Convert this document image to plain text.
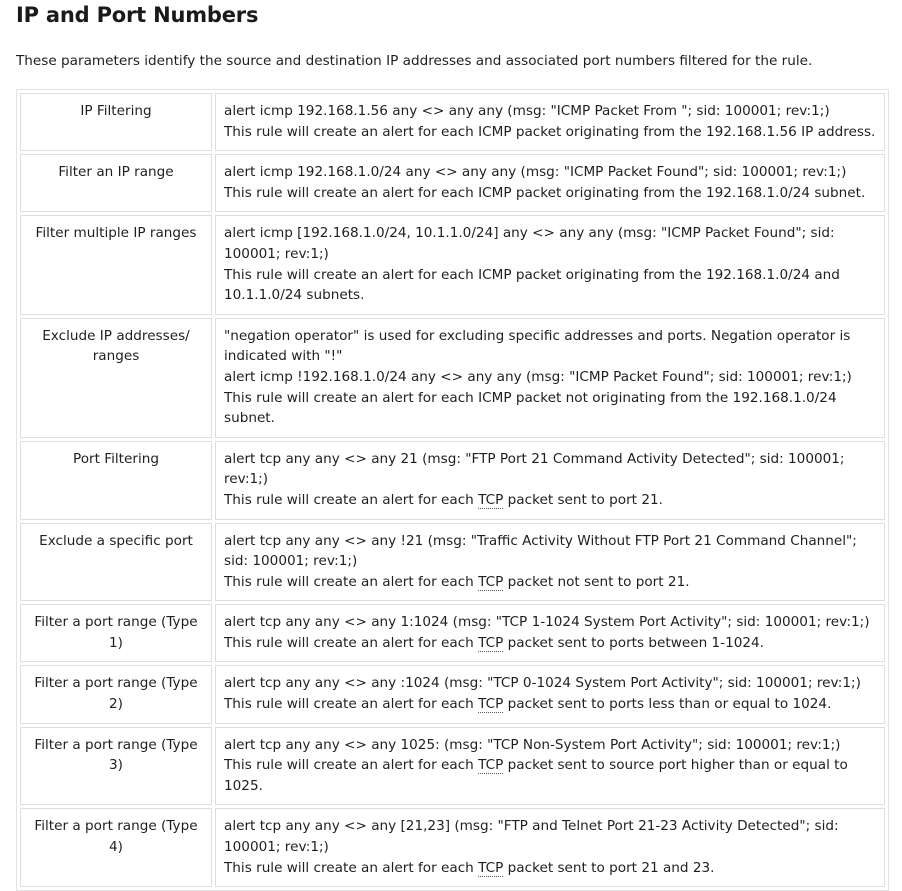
IP and Port Numbers

These parameters identify the source and destination IP addresses and associated port numbers filtered for the rule.

IP Filtering	alert icmp 192.168.1.56 any <> any any (msg: "ICMP Packet From "; sid: 100001; rev:1;)
This rule will create an alert for each ICMP packet originating from the 192.168.1.56 IP address.

Filter an IP range	alert icmp 192.168.1.0/24 any <> any any (msg: "ICMP Packet Found"; sid: 100001; rev:1;)
This rule will create an alert for each ICMP packet originating from the 192.168.1.0/24 subnet.

Filter multiple IP ranges	alert icmp [192.168.1.0/24, 10.1.1.0/24] any <> any any (msg: "ICMP Packet Found"; sid: 100001; rev:1;)
This rule will create an alert for each ICMP packet originating from the 192.168.1.0/24 and 10.1.1.0/24 subnets.

Exclude IP addresses/ ranges	"negation operator" is used for excluding specific addresses and ports. Negation operator is indicated with "!"
alert icmp !192.168.1.0/24 any <> any any (msg: "ICMP Packet Found"; sid: 100001; rev:1;)
This rule will create an alert for each ICMP packet not originating from the 192.168.1.0/24 subnet.

Port Filtering	alert tcp any any <> any 21 (msg: "FTP Port 21 Command Activity Detected"; sid: 100001; rev:1;)
This rule will create an alert for each TCP packet sent to port 21.

Exclude a specific port	alert tcp any any <> any !21 (msg: "Traffic Activity Without FTP Port 21 Command Channel"; sid: 100001; rev:1;)
This rule will create an alert for each TCP packet not sent to port 21.

Filter a port range (Type 1)	alert tcp any any <> any 1:1024 (msg: "TCP 1-1024 System Port Activity"; sid: 100001; rev:1;)
This rule will create an alert for each TCP packet sent to ports between 1-1024.

Filter a port range (Type 2)	alert tcp any any <> any :1024 (msg: "TCP 0-1024 System Port Activity"; sid: 100001; rev:1;)
This rule will create an alert for each TCP packet sent to ports less than or equal to 1024.

Filter a port range (Type 3)	alert tcp any any <> any 1025: (msg: "TCP Non-System Port Activity"; sid: 100001; rev:1;)
This rule will create an alert for each TCP packet sent to source port higher than or equal to 1025.

Filter a port range (Type 4)	alert tcp any any <> any [21,23] (msg: "FTP and Telnet Port 21-23 Activity Detected"; sid: 100001; rev:1;)
This rule will create an alert for each TCP packet sent to port 21 and 23.
